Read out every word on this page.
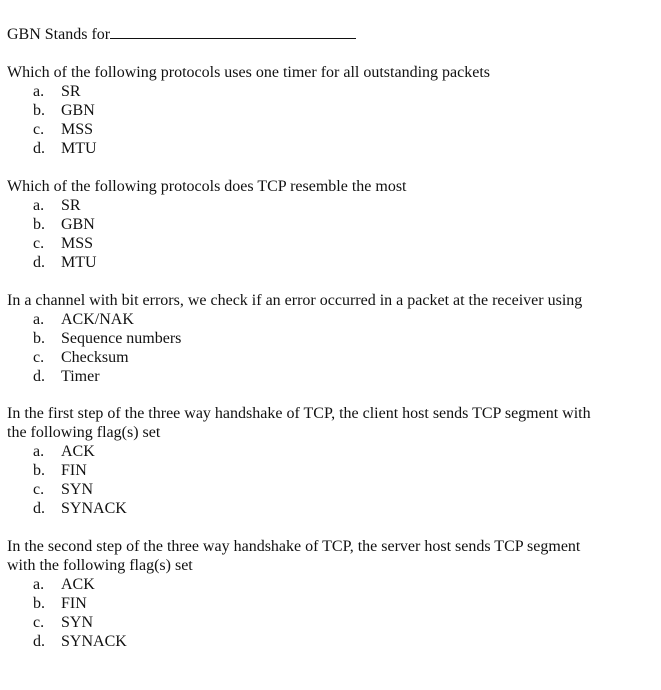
GBN Stands for
Which of the following protocols uses one timer for all outstanding packets
a. SR
b. GBN
c. MSS
d. MTU
Which of the following protocols does TCP resemble the most
a. SR
b. GBN
c. MSS
d. MTU
In a channel with bit errors, we check if an error occurred in a packet at the receiver using
a. ACK/NAK
b. Sequence numbers
c. Checksum
d. Timer
In the first step of the three way handshake of TCP, the client host sends TCP segment with
the following flag(s) set
a. ACK
b. FIN
c. SYN
d. SYNACK
In the second step of the three way handshake of TCP, the server host sends TCP segment
with the following flag(s) set
a. ACK
b. FIN
c. SYN
d. SYNACK
